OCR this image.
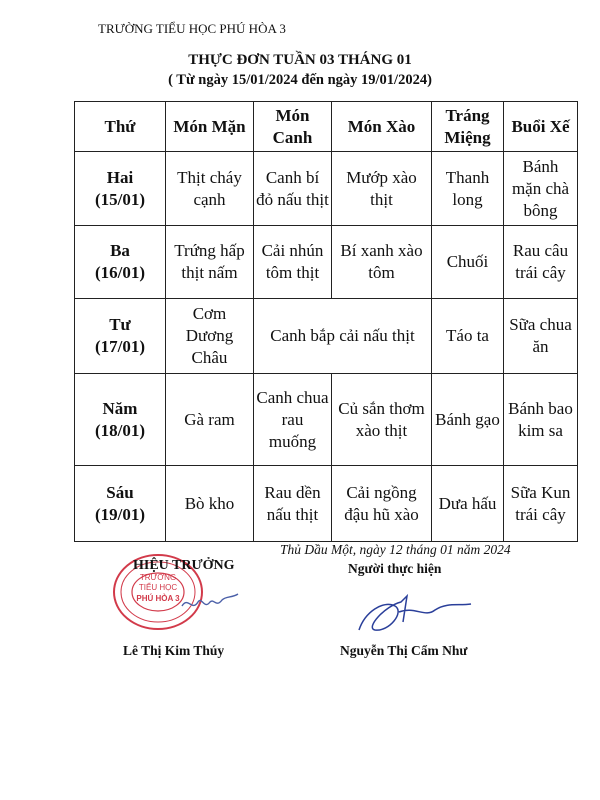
TRƯỜNG TIỂU HỌC PHÚ HÒA 3
THỰC ĐƠN TUẦN 03 THÁNG 01
( Từ ngày 15/01/2024 đến ngày 19/01/2024)
Thứ	Món Mặn	Món Canh	Món Xào	Tráng Miệng	Buổi Xế
Hai
(15/01)	Thịt cháy cạnh	Canh bí đỏ nấu thịt	Mướp xào thịt	Thanh long	Bánh mặn chà bông
Ba
(16/01)	Trứng hấp thịt nấm	Cải nhún tôm thịt	Bí xanh xào tôm	Chuối	Rau câu trái cây
Tư
(17/01)	Cơm Dương Châu	Canh bắp cải nấu thịt		Táo ta	Sữa chua ăn
Năm
(18/01)	Gà ram	Canh chua rau muống	Củ sắn thơm xào thịt	Bánh gạo	Bánh bao kim sa
Sáu
(19/01)	Bò kho	Rau dền nấu thịt	Cải ngồng đậu hũ xào	Dưa hấu	Sữa Kun trái cây
Thủ Dầu Một, ngày 12 tháng 01 năm 2024
TRƯỜNG
TIỂU HỌC
PHÚ HÒA 3
HIỆU TRƯỞNG	Người thực hiện
Lê Thị Kim Thúy	Nguyễn Thị Cẩm Như
